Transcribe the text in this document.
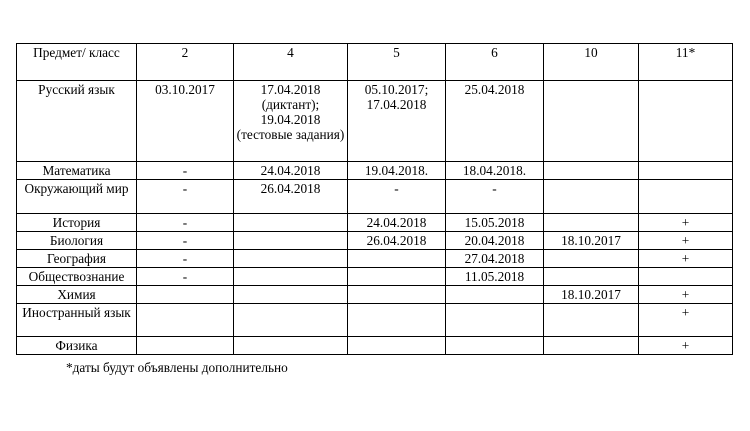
Предмет/ класс	2	4	5	6	10	11*
Русский язык	03.10.2017	17.04.2018 (диктант); 19.04.2018 (тестовые задания)	05.10.2017; 17.04.2018	25.04.2018		
Математика	-	24.04.2018	19.04.2018.	18.04.2018.		
Окружающий мир	-	26.04.2018	-	-		
История	-		24.04.2018	15.05.2018		+
Биология	-		26.04.2018	20.04.2018	18.10.2017	+
География	-			27.04.2018		+
Обществознание	-			11.05.2018		
Химия					18.10.2017	+
Иностранный язык						+
Физика						+
*даты будут объявлены дополнительно
